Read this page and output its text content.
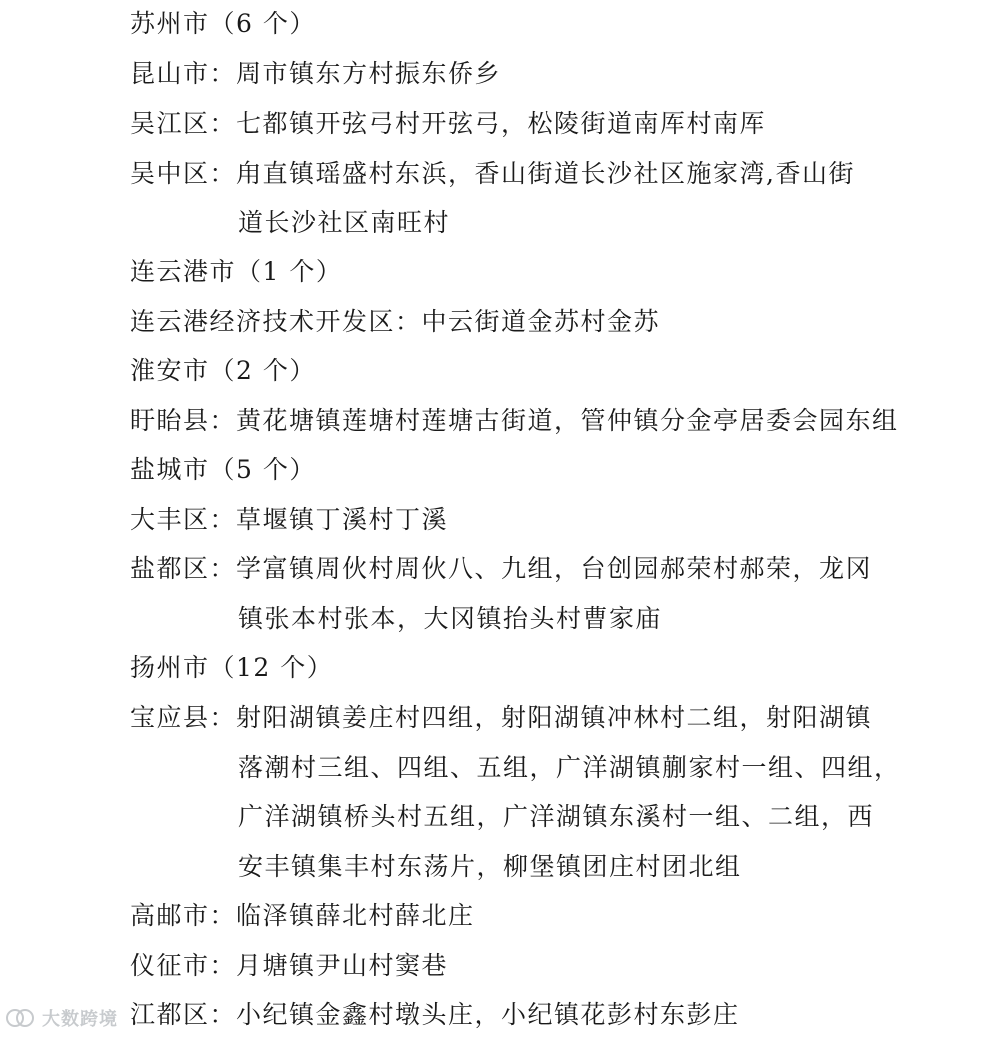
苏州市（6 个）
昆山市：周市镇东方村振东侨乡
吴江区：七都镇开弦弓村开弦弓，松陵街道南厍村南厍
吴中区：甪直镇瑶盛村东浜，香山街道长沙社区施家湾,香山街
道长沙社区南旺村
连云港市（1 个）
连云港经济技术开发区：中云街道金苏村金苏
淮安市（2 个）
盱眙县：黄花塘镇莲塘村莲塘古街道，管仲镇分金亭居委会园东组
盐城市（5 个）
大丰区：草堰镇丁溪村丁溪
盐都区：学富镇周伙村周伙八、九组，台创园郝荣村郝荣，龙冈
镇张本村张本，大冈镇抬头村曹家庙
扬州市（12 个）
宝应县：射阳湖镇姜庄村四组，射阳湖镇冲林村二组，射阳湖镇
落潮村三组、四组、五组，广洋湖镇蒯家村一组、四组，
广洋湖镇桥头村五组，广洋湖镇东溪村一组、二组，西
安丰镇集丰村东荡片，柳堡镇团庄村团北组
高邮市：临泽镇薛北村薛北庄
仪征市：月塘镇尹山村窦巷
江都区：小纪镇金鑫村墩头庄，小纪镇花彭村东彭庄
大数跨境
